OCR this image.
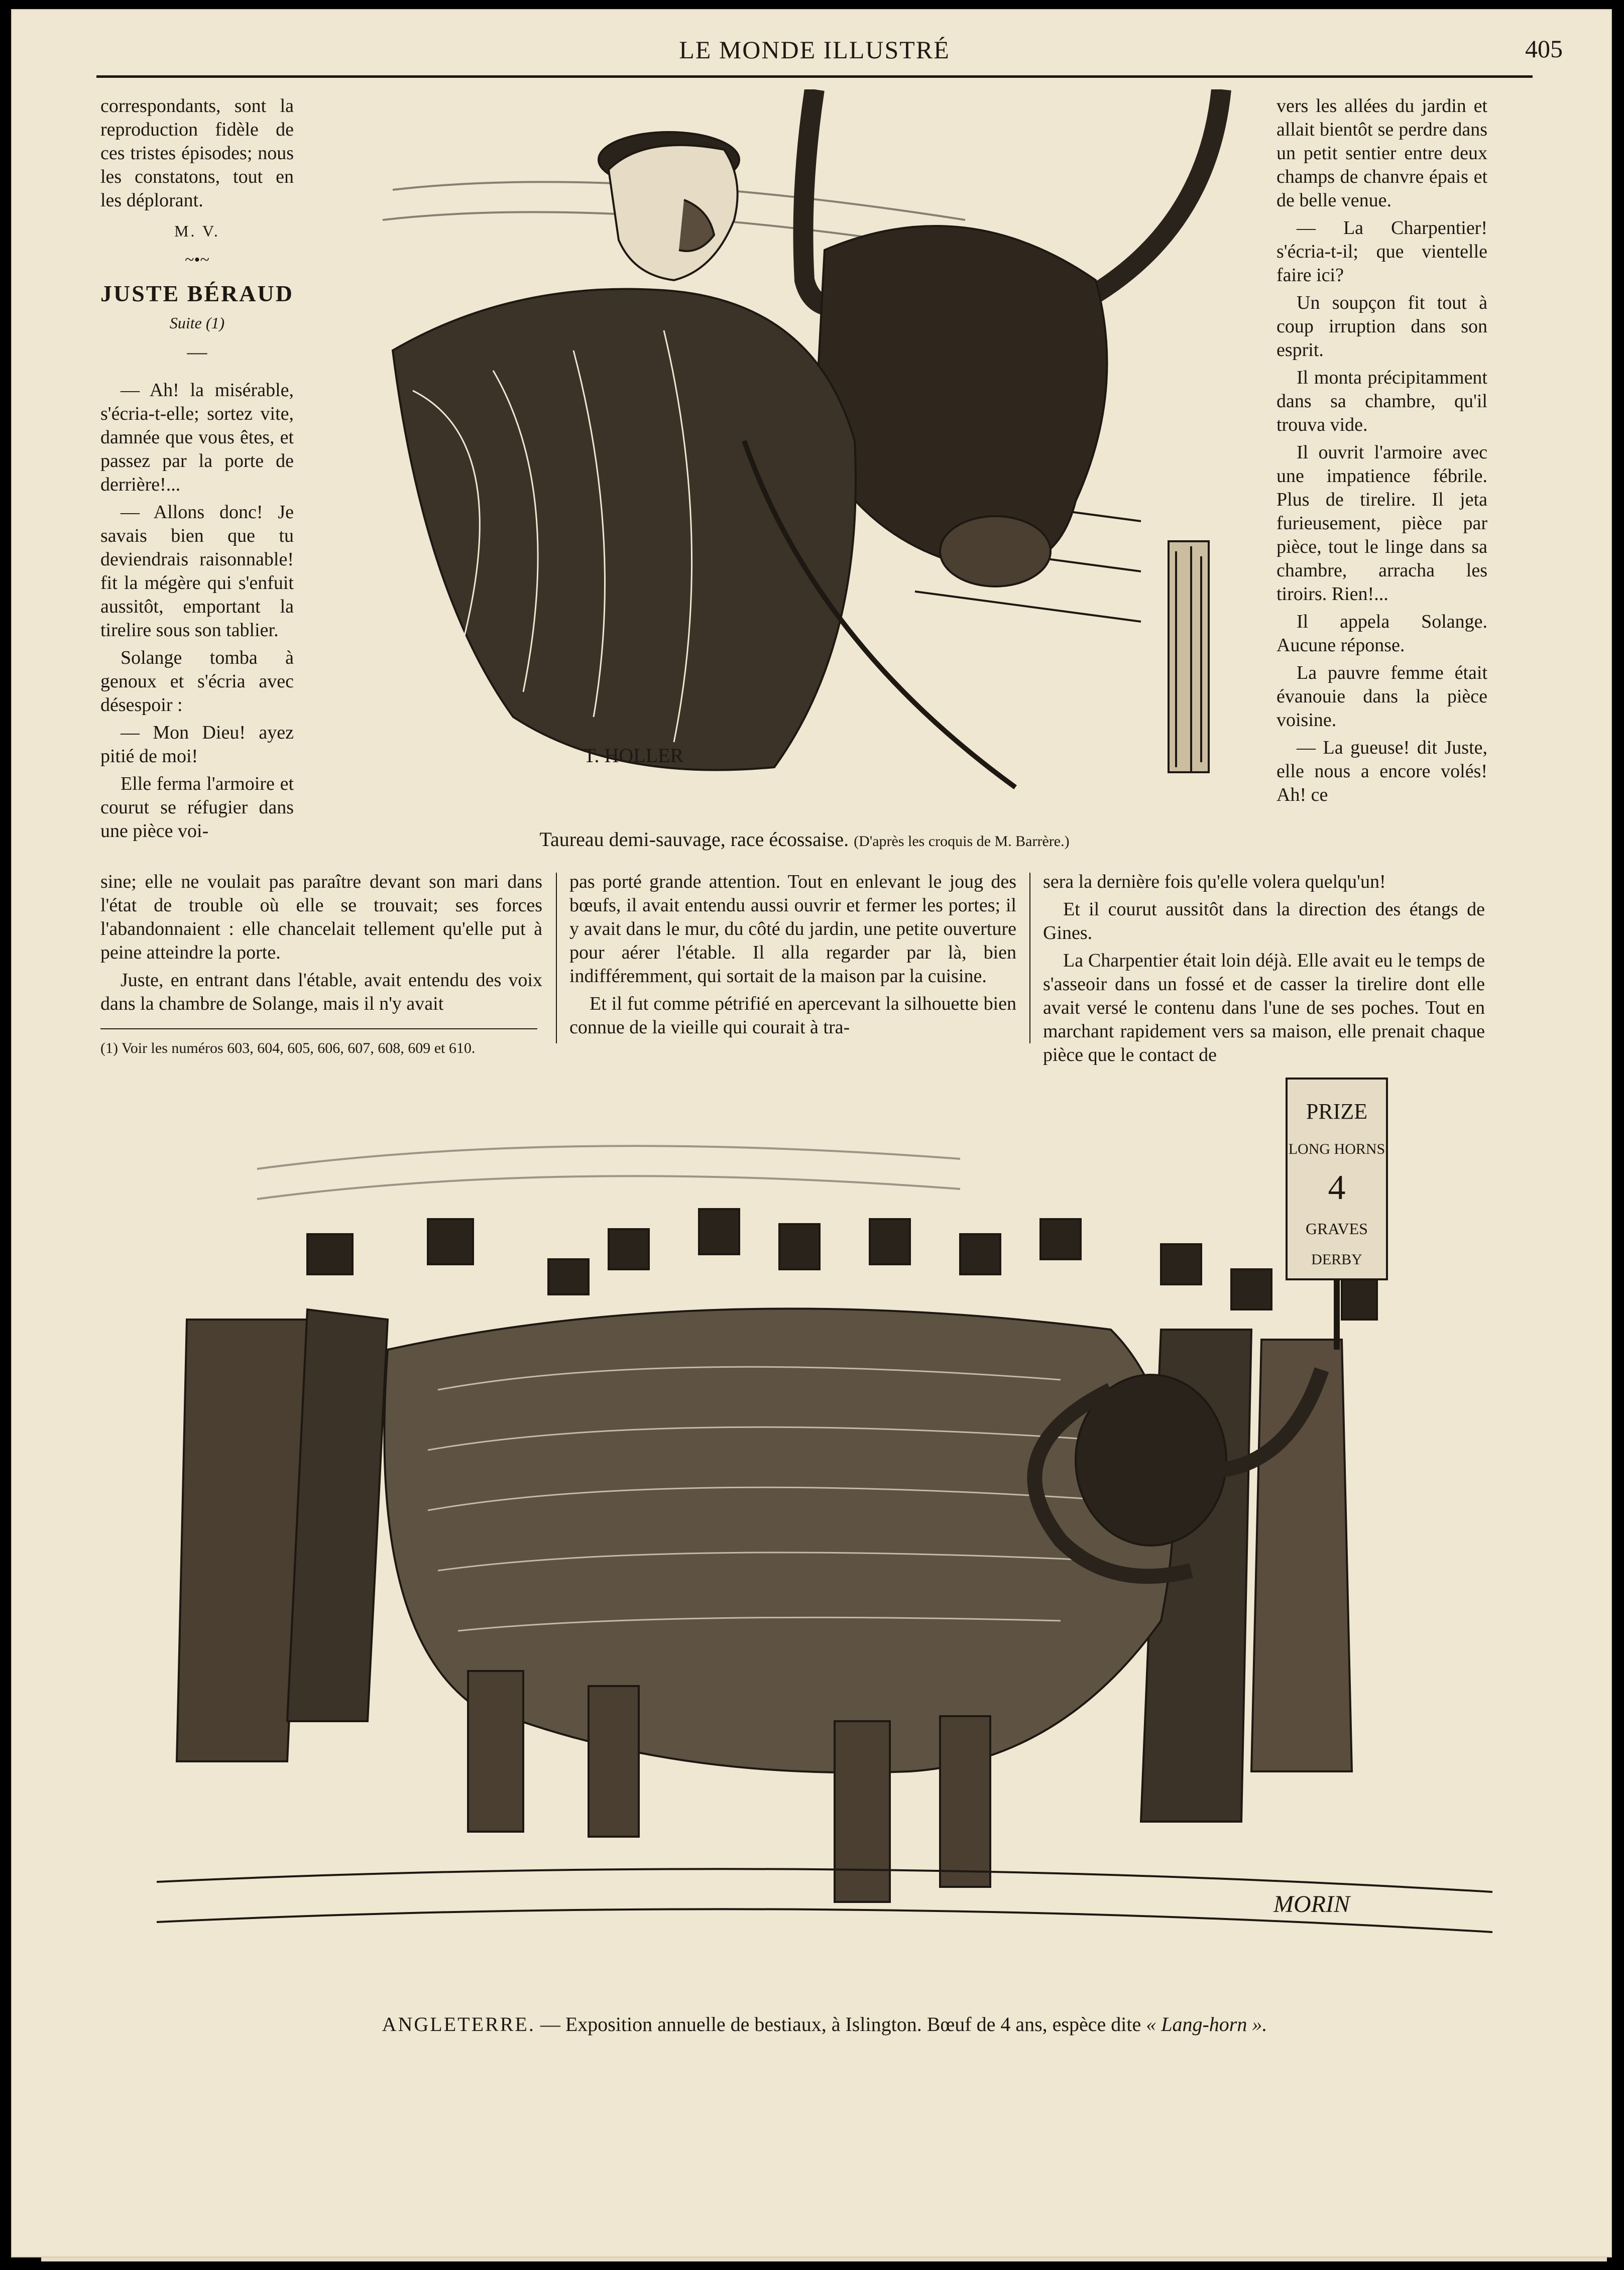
LE MONDE ILLUSTRÉ	405

correspondants, sont la reproduction fidèle de ces tristes épisodes; nous les constatons, tout en les déplorant.

M. V.
~•~
JUSTE BÉRAUD
Suite (1)
—

— Ah! la misérable, s'écria-t-elle; sortez vite, damnée que vous êtes, et passez par la porte de derrière!...

— Allons donc! Je savais bien que tu deviendrais raisonnable! fit la mégère qui s'enfuit aussitôt, emportant la tirelire sous son tablier.

Solange tomba à genoux et s'écria avec désespoir :

— Mon Dieu! ayez pitié de moi!

Elle ferma l'armoire et courut se réfugier dans une pièce voi-

T. HOLLER
Taureau demi-sauvage, race écossaise. (D'après les croquis de M. Barrère.)

vers les allées du jardin et allait bientôt se perdre dans un petit sentier entre deux champs de chanvre épais et de belle venue.

— La Charpentier! s'écria-t-il; que vientelle faire ici?

Un soupçon fit tout à coup irruption dans son esprit.

Il monta précipitamment dans sa chambre, qu'il trouva vide.

Il ouvrit l'armoire avec une impatience fébrile. Plus de tirelire. Il jeta furieusement, pièce par pièce, tout le linge dans sa chambre, arracha les tiroirs. Rien!...

Il appela Solange. Aucune réponse.

La pauvre femme était évanouie dans la pièce voisine.

— La gueuse! dit Juste, elle nous a encore volés! Ah! ce

sine; elle ne voulait pas paraître devant son mari dans l'état de trouble où elle se trouvait; ses forces l'abandonnaient : elle chancelait tellement qu'elle put à peine atteindre la porte.

Juste, en entrant dans l'étable, avait entendu des voix dans la chambre de Solange, mais il n'y avait

pas porté grande attention. Tout en enlevant le joug des bœufs, il avait entendu aussi ouvrir et fermer les portes; il y avait dans le mur, du côté du jardin, une petite ouverture pour aérer l'étable. Il alla regarder par là, bien indifféremment, qui sortait de la maison par la cuisine.

Et il fut comme pétrifié en apercevant la silhouette bien connue de la vieille qui courait à tra-

sera la dernière fois qu'elle volera quelqu'un!

Et il courut aussitôt dans la direction des étangs de Gines.

La Charpentier était loin déjà. Elle avait eu le temps de s'asseoir dans un fossé et de casser la tirelire dont elle avait versé le contenu dans l'une de ses poches. Tout en marchant rapidement vers sa maison, elle prenait chaque pièce que le contact de

(1) Voir les numéros 603, 604, 605, 606, 607, 608, 609 et 610.
PRIZE
LONG HORNS
4
GRAVES
DERBY
MORIN
ANGLETERRE. — Exposition annuelle de bestiaux, à Islington. Bœuf de 4 ans, espèce dite « Lang-horn ».
